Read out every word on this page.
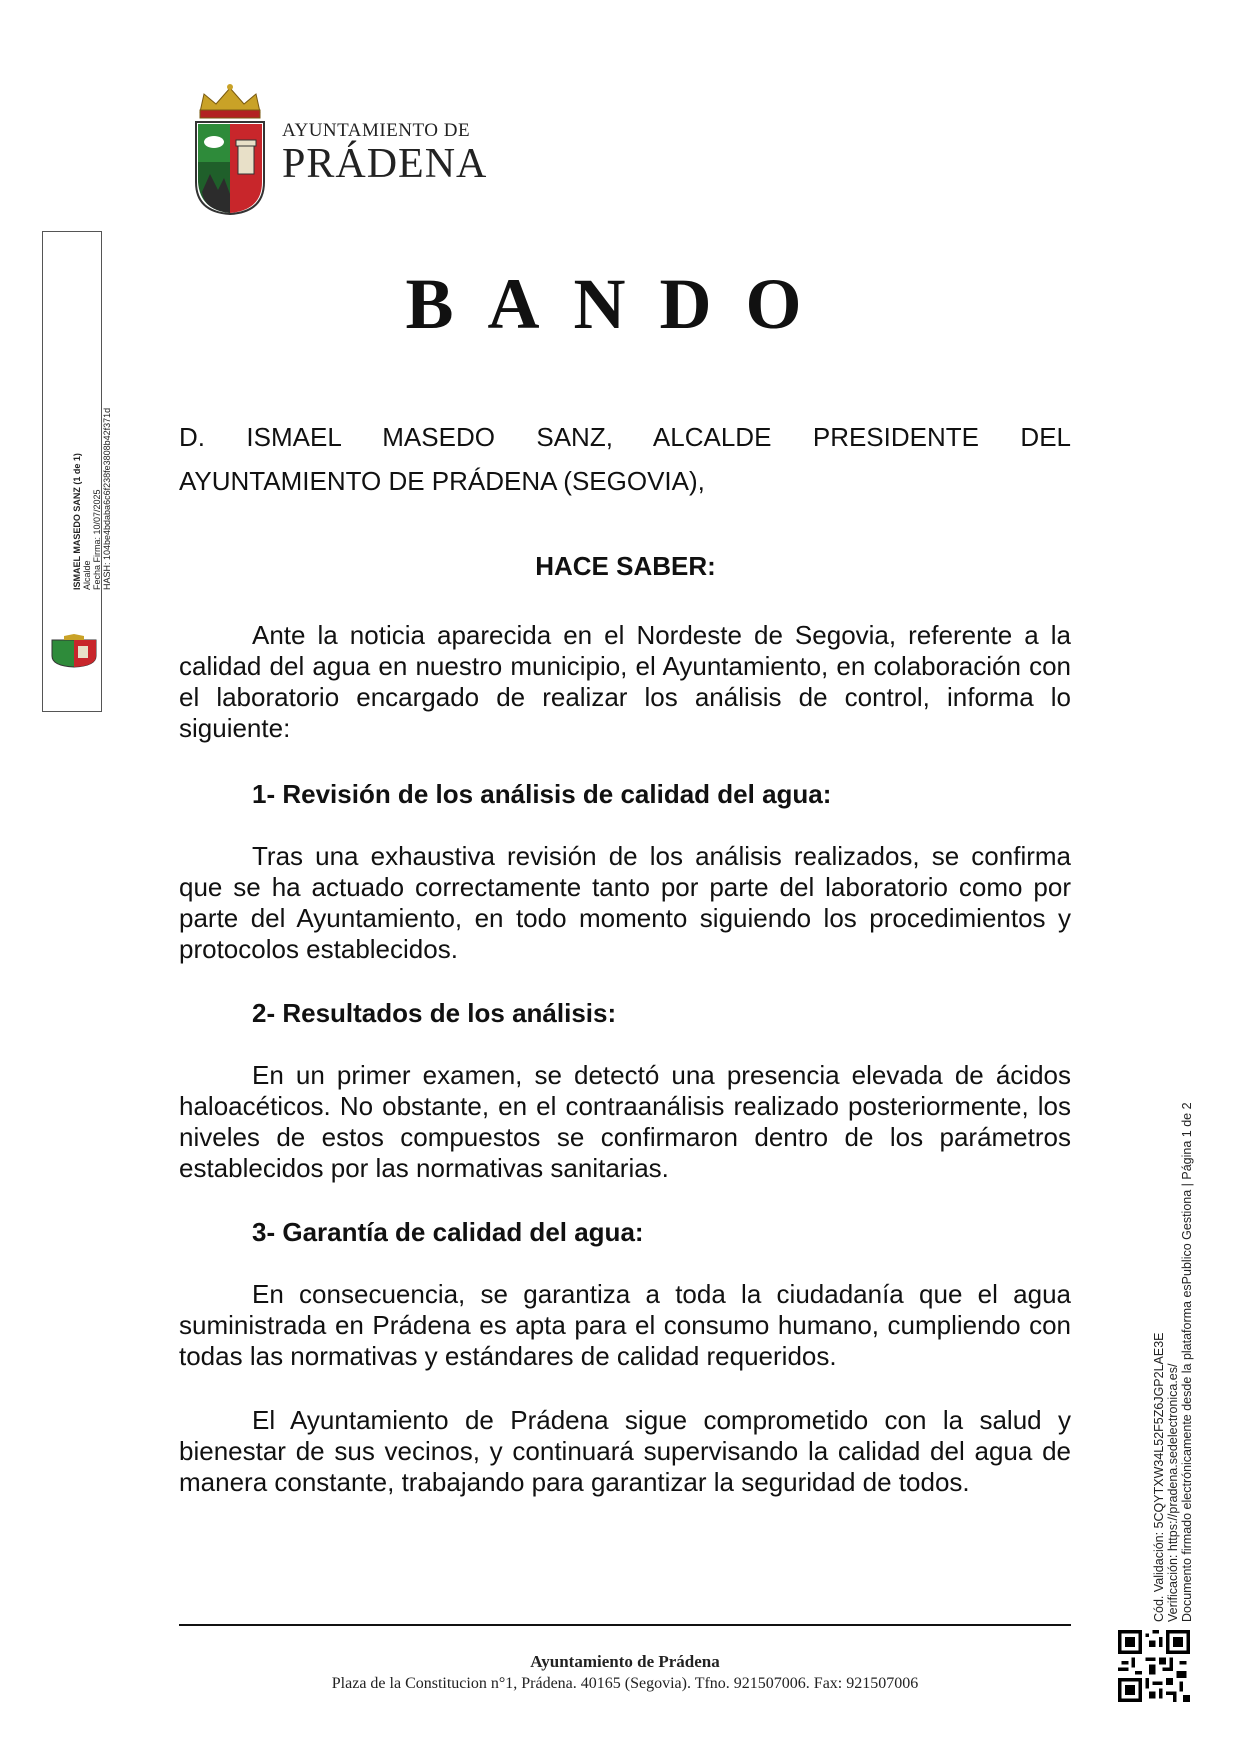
AYUNTAMIENTO DE
PRÁDENA
BANDO
D. ISMAEL MASEDO SANZ, ALCALDE PRESIDENTE DEL AYUNTAMIENTO DE PRÁDENA (SEGOVIA),
HACE SABER:
Ante la noticia aparecida en el Nordeste de Segovia, referente a la calidad del agua en nuestro municipio, el Ayuntamiento, en colaboración con el laboratorio encargado de realizar los análisis de control, informa lo siguiente:
1- Revisión de los análisis de calidad del agua:
Tras una exhaustiva revisión de los análisis realizados, se confirma que se ha actuado correctamente tanto por parte del laboratorio como por parte del Ayuntamiento, en todo momento siguiendo los procedimientos y protocolos establecidos.
2- Resultados de los análisis:
En un primer examen, se detectó una presencia elevada de ácidos haloacéticos. No obstante, en el contraanálisis realizado posteriormente, los niveles de estos compuestos se confirmaron dentro de los parámetros establecidos por las normativas sanitarias.
3- Garantía de calidad del agua:
En consecuencia, se garantiza a toda la ciudadanía que el agua suministrada en Prádena es apta para el consumo humano, cumpliendo con todas las normativas y estándares de calidad requeridos.
El Ayuntamiento de Prádena sigue comprometido con la salud y bienestar de sus vecinos, y continuará supervisando la calidad del agua de manera constante, trabajando para garantizar la seguridad de todos.
ISMAEL MASEDO SANZ (1 de 1) Alcalde Fecha Firma: 10/07/2025 HASH: 104be4bdaba6c6f238fe3808b42f371d
Cód. Validación: 5CQYTXW34L52F5Z6JGP2LAE3E Verificación: https://pradena.sedelectronica.es/ Documento firmado electrónicamente desde la plataforma esPublico Gestiona | Página 1 de 2
Ayuntamiento de Prádena
Plaza de la Constitucion n°1, Prádena. 40165 (Segovia). Tfno. 921507006. Fax: 921507006
